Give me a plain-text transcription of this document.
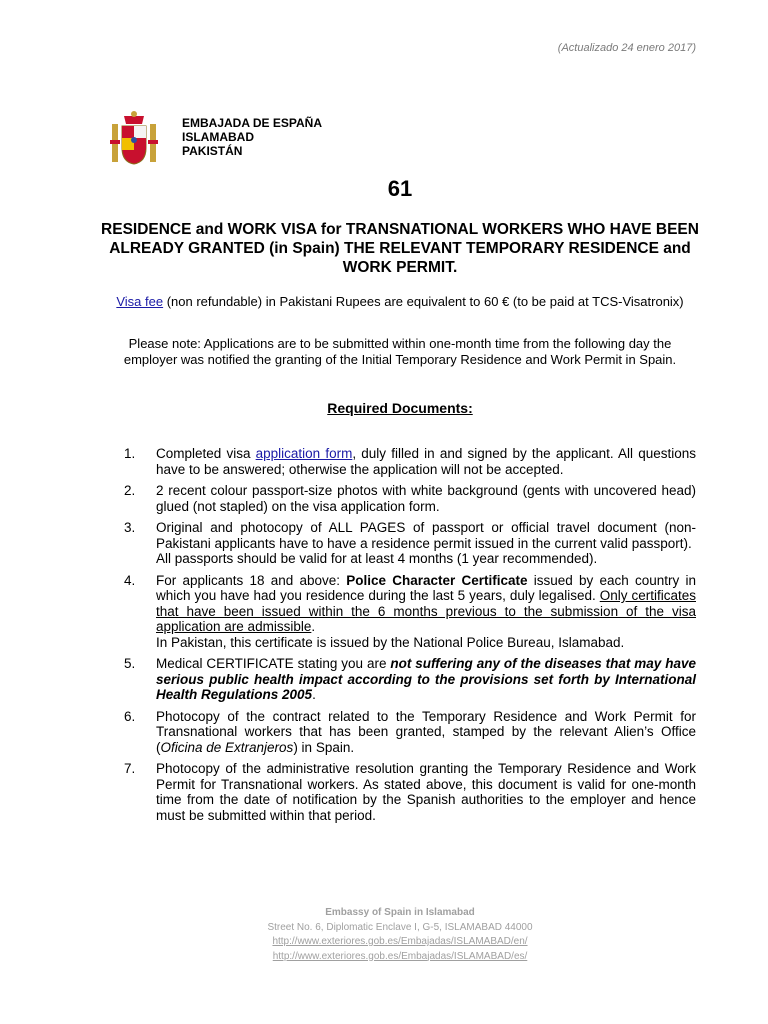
(Actualizado 24 enero 2017)
EMBAJADA DE ESPAÑA
ISLAMABAD
PAKISTÁN
61
RESIDENCE and WORK VISA for TRANSNATIONAL WORKERS WHO HAVE BEEN ALREADY GRANTED (in Spain) THE RELEVANT TEMPORARY RESIDENCE and WORK PERMIT.
Visa fee (non refundable) in Pakistani Rupees are equivalent to 60 € (to be paid at TCS-Visatronix)
Please note: Applications are to be submitted within one-month time from the following day the employer was notified the granting of the Initial Temporary Residence and Work Permit in Spain.
Required Documents:
1.	Completed visa application form, duly filled in and signed by the applicant. All questions have to be answered; otherwise the application will not be accepted.
2.	2 recent colour passport-size photos with white background (gents with uncovered head) glued (not stapled) on the visa application form.
3.	Original and photocopy of ALL PAGES of passport or official travel document (non-Pakistani applicants have to have a residence permit issued in the current valid passport).
All passports should be valid for at least 4 months (1 year recommended).
4.	For applicants 18 and above: Police Character Certificate issued by each country in which you have had you residence during the last 5 years, duly legalised. Only certificates that have been issued within the 6 months previous to the submission of the visa application are admissible.
In Pakistan, this certificate is issued by the National Police Bureau, Islamabad.
5.	Medical CERTIFICATE stating you are not suffering any of the diseases that may have serious public health impact according to the provisions set forth by International Health Regulations 2005.
6.	Photocopy of the contract related to the Temporary Residence and Work Permit for Transnational workers that has been granted, stamped by the relevant Alien’s Office (Oficina de Extranjeros) in Spain.
7.	Photocopy of the administrative resolution granting the Temporary Residence and Work Permit for Transnational workers. As stated above, this document is valid for one-month time from the date of notification by the Spanish authorities to the employer and hence must be submitted within that period.
Embassy of Spain in Islamabad
Street No. 6, Diplomatic Enclave I, G-5, ISLAMABAD 44000
http://www.exteriores.gob.es/Embajadas/ISLAMABAD/en/
http://www.exteriores.gob.es/Embajadas/ISLAMABAD/es/
